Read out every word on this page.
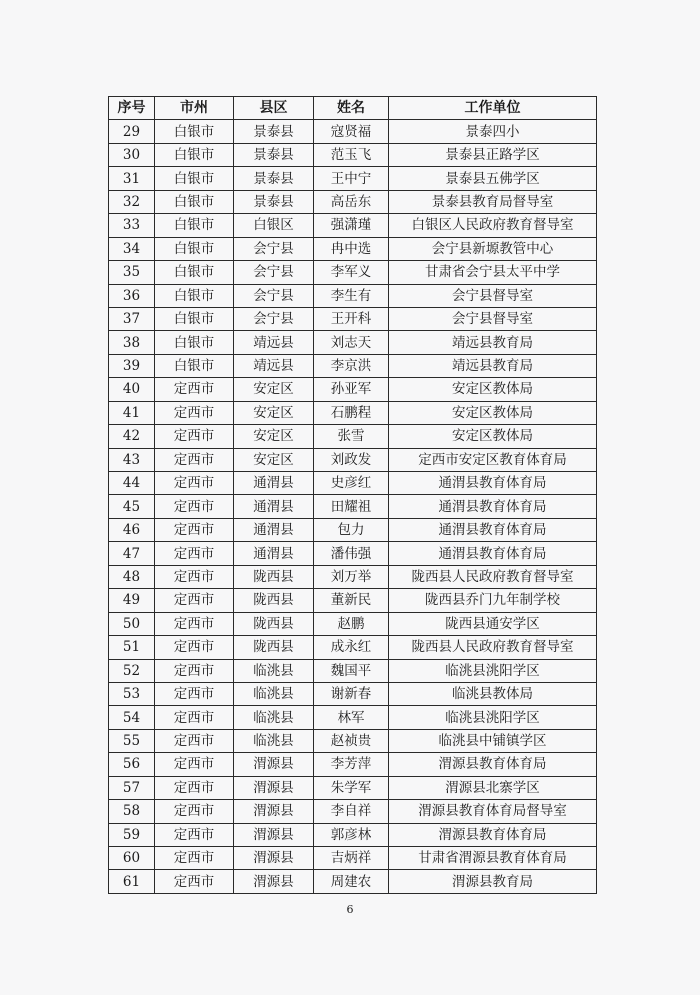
序号	市州	县区	姓名	工作单位
29	白银市	景泰县	寇贤福	景泰四小
30	白银市	景泰县	范玉飞	景泰县正路学区
31	白银市	景泰县	王中宁	景泰县五佛学区
32	白银市	景泰县	高岳东	景泰县教育局督导室
33	白银市	白银区	强潇瑾	白银区人民政府教育督导室
34	白银市	会宁县	冉中选	会宁县新塬教管中心
35	白银市	会宁县	李军义	甘肃省会宁县太平中学
36	白银市	会宁县	李生有	会宁县督导室
37	白银市	会宁县	王开科	会宁县督导室
38	白银市	靖远县	刘志天	靖远县教育局
39	白银市	靖远县	李京洪	靖远县教育局
40	定西市	安定区	孙亚军	安定区教体局
41	定西市	安定区	石鹏程	安定区教体局
42	定西市	安定区	张雪	安定区教体局
43	定西市	安定区	刘政发	定西市安定区教育体育局
44	定西市	通渭县	史彦红	通渭县教育体育局
45	定西市	通渭县	田耀祖	通渭县教育体育局
46	定西市	通渭县	包力	通渭县教育体育局
47	定西市	通渭县	潘伟强	通渭县教育体育局
48	定西市	陇西县	刘万举	陇西县人民政府教育督导室
49	定西市	陇西县	董新民	陇西县乔门九年制学校
50	定西市	陇西县	赵鹏	陇西县通安学区
51	定西市	陇西县	成永红	陇西县人民政府教育督导室
52	定西市	临洮县	魏国平	临洮县洮阳学区
53	定西市	临洮县	谢新春	临洮县教体局
54	定西市	临洮县	林军	临洮县洮阳学区
55	定西市	临洮县	赵祯贵	临洮县中铺镇学区
56	定西市	渭源县	李芳萍	渭源县教育体育局
57	定西市	渭源县	朱学军	渭源县北寨学区
58	定西市	渭源县	李自祥	渭源县教育体育局督导室
59	定西市	渭源县	郭彦林	渭源县教育体育局
60	定西市	渭源县	吉炳祥	甘肃省渭源县教育体育局
61	定西市	渭源县	周建农	渭源县教育局
6
